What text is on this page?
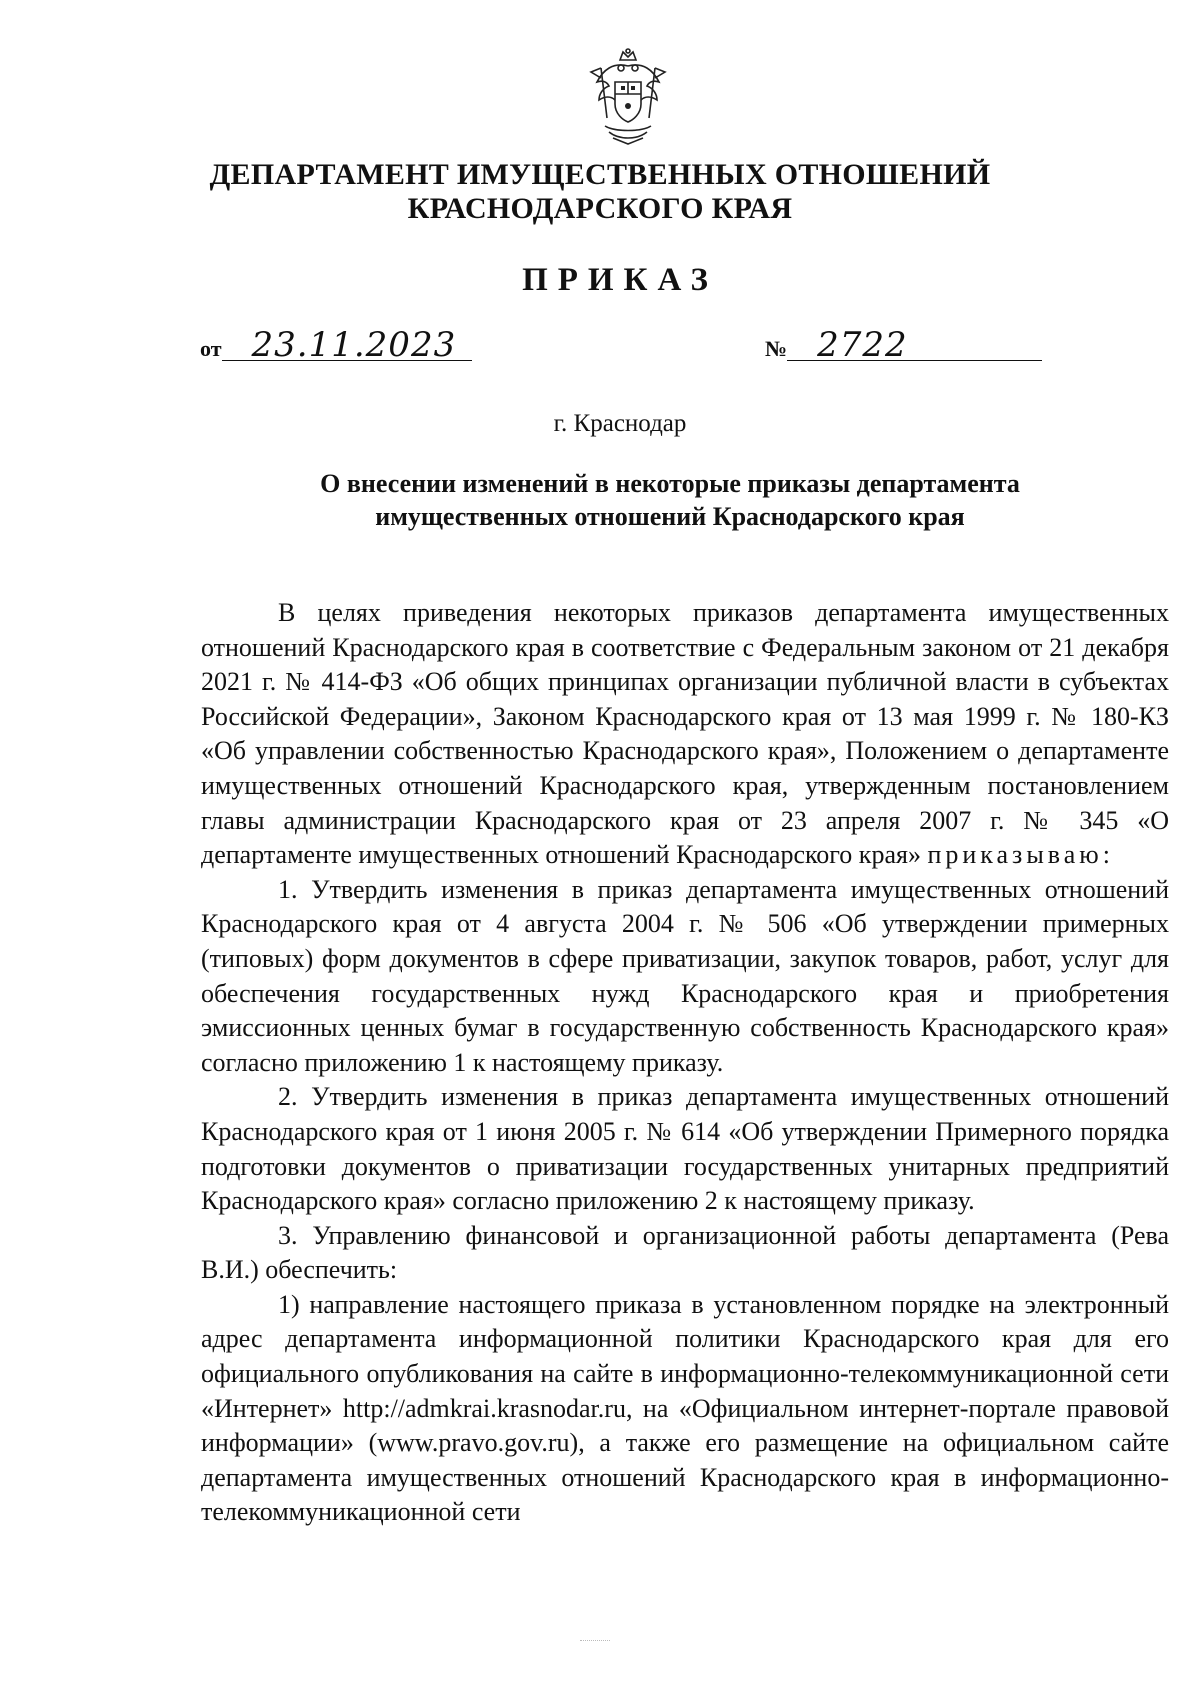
ДЕПАРТАМЕНТ ИМУЩЕСТВЕННЫХ ОТНОШЕНИЙ
КРАСНОДАРСКОГО КРАЯ
ПРИКАЗ
от 23.11.2023	№ 2722
г. Краснодар
О внесении изменений в некоторые приказы департамента
имущественных отношений Краснодарского края

В целях приведения некоторых приказов департамента имущественных отношений Краснодарского края в соответствие с Федеральным законом от 21 декабря 2021 г. № 414-ФЗ «Об общих принципах организации публичной власти в субъектах Российской Федерации», Законом Краснодарского края от 13 мая 1999 г. № 180-КЗ «Об управлении собственностью Краснодарского края», Положением о департаменте имущественных отношений Краснодарского края, утвержденным постановлением главы администрации Краснодарского края от 23 апреля 2007 г. № 345 «О департаменте имущественных отношений Краснодарского края» приказываю:

1. Утвердить изменения в приказ департамента имущественных отношений Краснодарского края от 4 августа 2004 г. № 506 «Об утверждении примерных (типовых) форм документов в сфере приватизации, закупок товаров, работ, услуг для обеспечения государственных нужд Краснодарского края и приобретения эмиссионных ценных бумаг в государственную собственность Краснодарского края» согласно приложению 1 к настоящему приказу.

2. Утвердить изменения в приказ департамента имущественных отношений Краснодарского края от 1 июня 2005 г. № 614 «Об утверждении Примерного порядка подготовки документов о приватизации государственных унитарных предприятий Краснодарского края» согласно приложению 2 к настоящему приказу.

3. Управлению финансовой и организационной работы департамента (Рева В.И.) обеспечить:

1) направление настоящего приказа в установленном порядке на электронный адрес департамента информационной политики Краснодарского края для его официального опубликования на сайте в информационно-телекоммуникационной сети «Интернет» http://admkrai.krasnodar.ru, на «Официальном интернет-портале правовой информации» (www.pravo.gov.ru), а также его размещение на официальном сайте департамента имущественных отношений Краснодарского края в информационно-телекоммуникационной сети
